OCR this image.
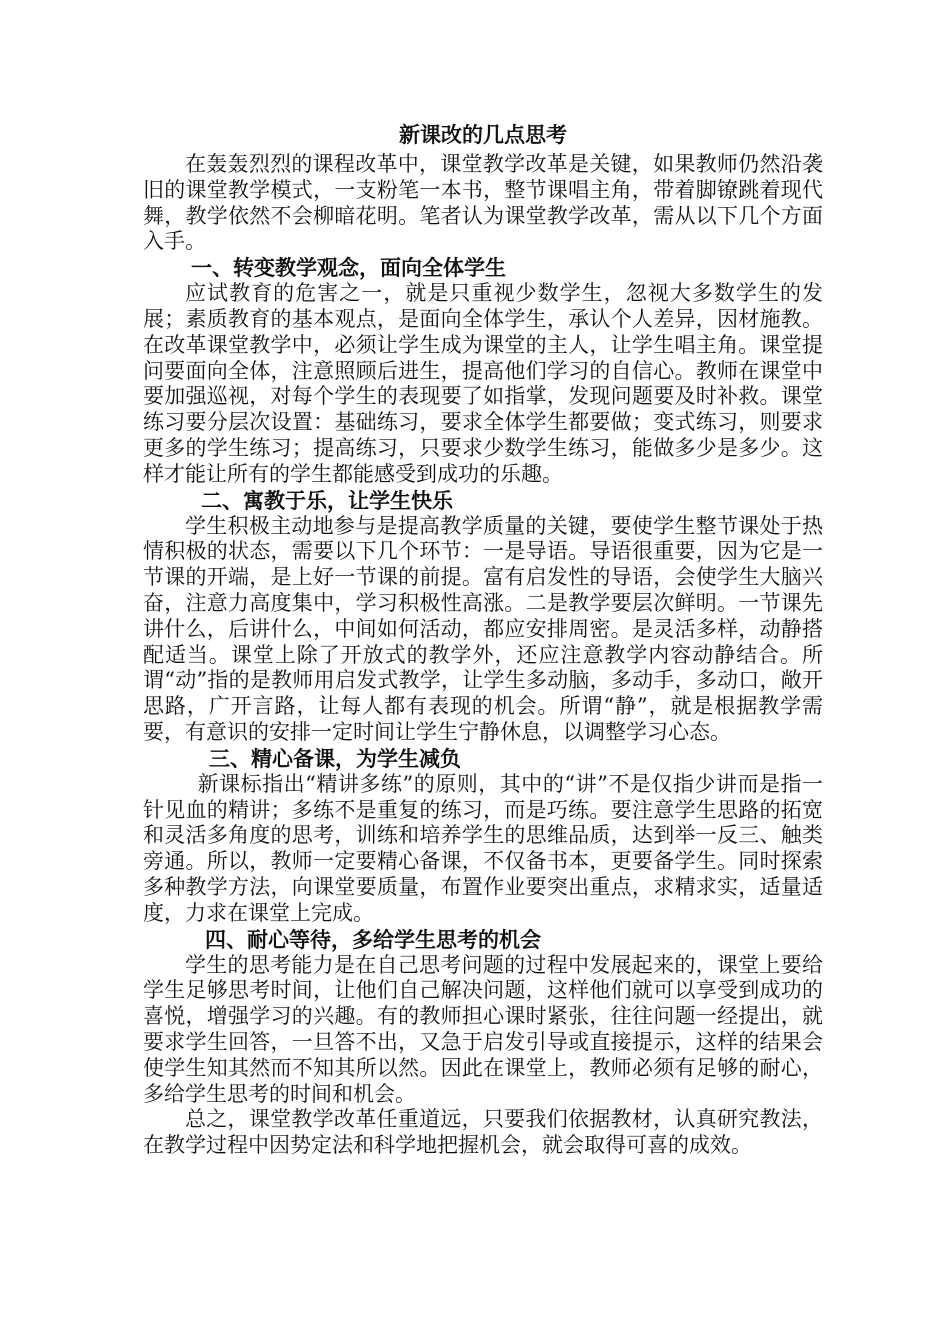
新课改的几点思考

在轰轰烈烈的课程改革中，课堂教学改革是关键，如果教师仍然沿袭旧的课堂教学模式，一支粉笔一本书，整节课唱主角，带着脚镣跳着现代舞，教学依然不会柳暗花明。笔者认为课堂教学改革，需从以下几个方面入手。

一、转变教学观念，面向全体学生

应试教育的危害之一，就是只重视少数学生，忽视大多数学生的发展；素质教育的基本观点，是面向全体学生，承认个人差异，因材施教。在改革课堂教学中，必须让学生成为课堂的主人，让学生唱主角。课堂提问要面向全体，注意照顾后进生，提高他们学习的自信心。教师在课堂中要加强巡视，对每个学生的表现要了如指掌，发现问题要及时补救。课堂练习要分层次设置：基础练习，要求全体学生都要做；变式练习，则要求更多的学生练习；提高练习，只要求少数学生练习，能做多少是多少。这样才能让所有的学生都能感受到成功的乐趣。

二、寓教于乐，让学生快乐

学生积极主动地参与是提高教学质量的关键，要使学生整节课处于热情积极的状态，需要以下几个环节：一是导语。导语很重要，因为它是一节课的开端，是上好一节课的前提。富有启发性的导语，会使学生大脑兴奋，注意力高度集中，学习积极性高涨。二是教学要层次鲜明。一节课先讲什么，后讲什么，中间如何活动，都应安排周密。是灵活多样，动静搭配适当。课堂上除了开放式的教学外，还应注意教学内容动静结合。所谓“动”指的是教师用启发式教学，让学生多动脑，多动手，多动口，敞开思路，广开言路，让每人都有表现的机会。所谓“静”，就是根据教学需要，有意识的安排一定时间让学生宁静休息，以调整学习心态。

三、精心备课，为学生减负

新课标指出“精讲多练”的原则，其中的“讲”不是仅指少讲而是指一针见血的精讲；多练不是重复的练习，而是巧练。要注意学生思路的拓宽和灵活多角度的思考，训练和培养学生的思维品质，达到举一反三、触类旁通。所以，教师一定要精心备课，不仅备书本，更要备学生。同时探索多种教学方法，向课堂要质量，布置作业要突出重点，求精求实，适量适度，力求在课堂上完成。

四、耐心等待，多给学生思考的机会

学生的思考能力是在自己思考问题的过程中发展起来的，课堂上要给学生足够思考时间，让他们自己解决问题，这样他们就可以享受到成功的喜悦，增强学习的兴趣。有的教师担心课时紧张，往往问题一经提出，就要求学生回答，一旦答不出，又急于启发引导或直接提示，这样的结果会使学生知其然而不知其所以然。因此在课堂上，教师必须有足够的耐心，多给学生思考的时间和机会。

总之，课堂教学改革任重道远，只要我们依据教材，认真研究教法，在教学过程中因势定法和科学地把握机会，就会取得可喜的成效。
